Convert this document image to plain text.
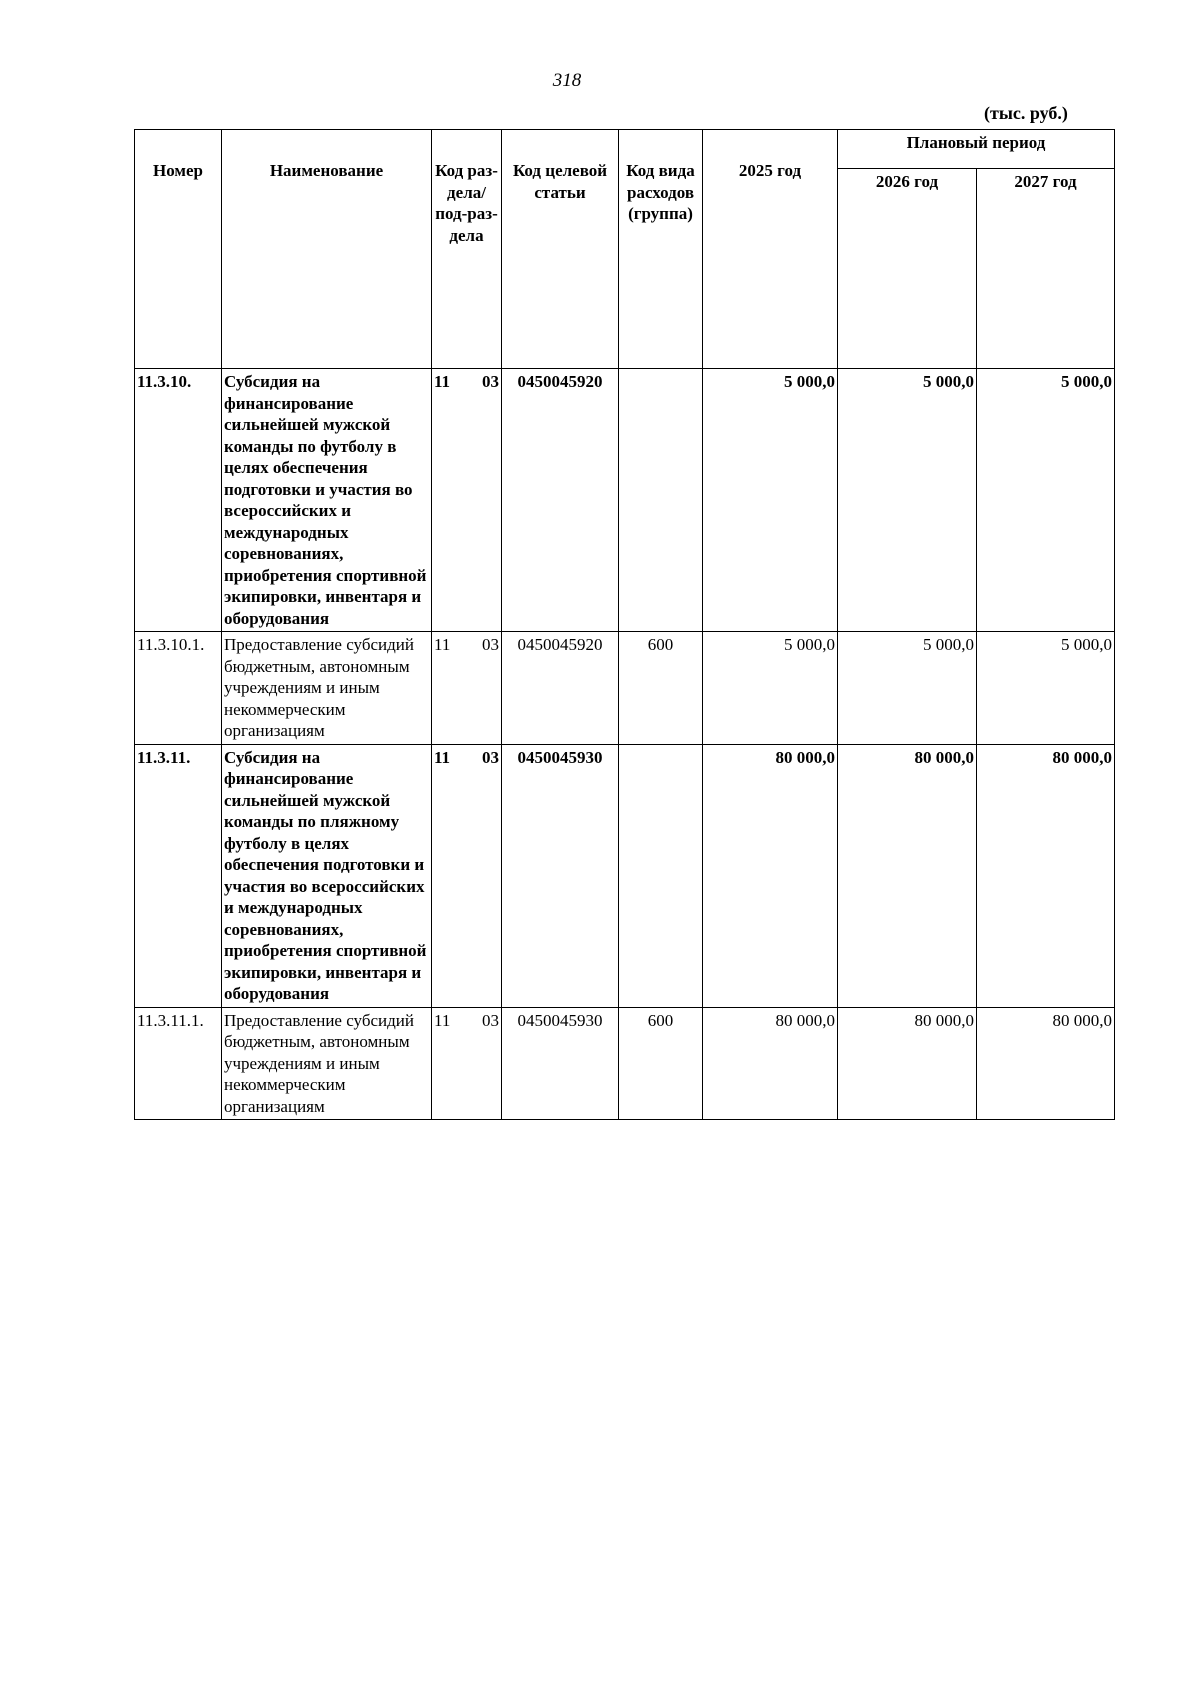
318
(тыс. руб.)
Номер	Наименование	Код раз-дела/ под-раз-дела	Код целевой статьи	Код вида расходов (группа)	2025 год	Плановый период	
						2026 год	2027 год
11.3.10.	Субсидия на финансирование сильнейшей мужской команды по футболу в целях обеспечения подготовки и участия во всероссийских и международных соревнованиях, приобретения спортивной экипировки, инвентаря и оборудования	11 03	0450045920		5 000,0	5 000,0	5 000,0
11.3.10.1.	Предоставление субсидий бюджетным, автономным учреждениям и иным некоммерческим организациям	11 03	0450045920	600	5 000,0	5 000,0	5 000,0
11.3.11.	Субсидия на финансирование сильнейшей мужской команды по пляжному футболу в целях обеспечения подготовки и участия во всероссийских и международных соревнованиях, приобретения спортивной экипировки, инвентаря и оборудования	11 03	0450045930		80 000,0	80 000,0	80 000,0
11.3.11.1.	Предоставление субсидий бюджетным, автономным учреждениям и иным некоммерческим организациям	11 03	0450045930	600	80 000,0	80 000,0	80 000,0
